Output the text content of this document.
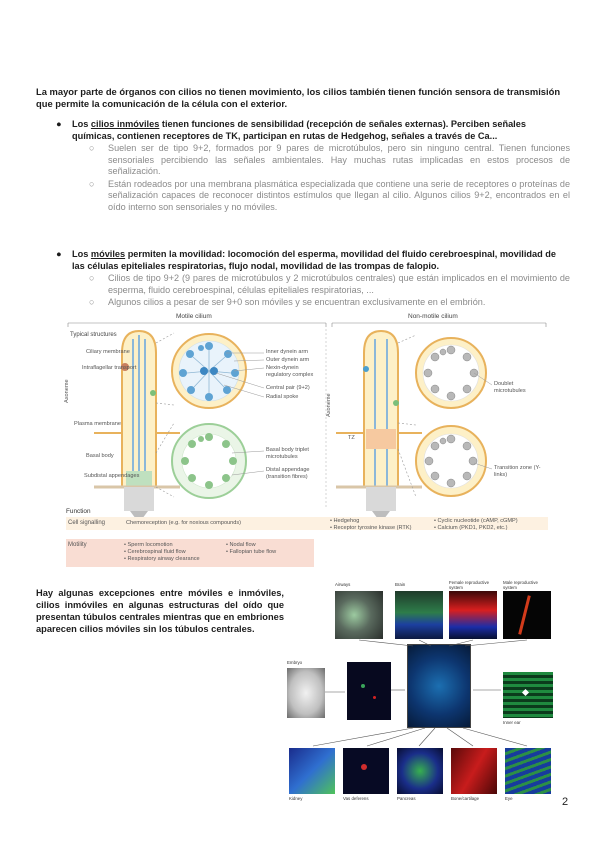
La mayor parte de órganos con cilios no tienen movimiento, los cilios también tienen función sensora de transmisión que permite la comunicación de la célula con el exterior.
● Los cilios inmóviles tienen funciones de sensibilidad (recepción de señales externas). Perciben señales químicas, contienen receptores de TK, participan en rutas de Hedgehog, señales a través de Ca...
○ Suelen ser de tipo 9+2, formados por 9 pares de microtúbulos, pero sin ninguno central. Tienen funciones sensoriales percibiendo las señales ambientales. Hay muchas rutas implicadas en estos procesos de señalización.
○ Están rodeados por una membrana plasmática especializada que contiene una serie de receptores o proteínas de señalización capaces de reconocer distintos estímulos que llegan al cilio. Algunos cilios 9+2, encontrados en el oído interno son sensoriales y no móviles.
● Los móviles permiten la movilidad: locomoción del esperma, movilidad del fluido cerebroespinal, movilidad de las células epiteliales respiratorias, flujo nodal, movilidad de las trompas de falopio.
○ Cilios de tipo 9+2 (9 pares de microtúbulos y 2 microtúbulos centrales) que están implicados en el movimiento de esperma, fluido cerebroespinal, células epiteliales respiratorias, ...
○ Algunos cilios a pesar de ser 9+0 son móviles y se encuentran exclusivamente en el embrión.
Motile cilium	Non-motile cilium
Typical structures
Axoneme
Axoneme
Ciliary membrane
Intraflagellar transport
Plasma membrane
Basal body
Subdistal appendages
Inner dynein arm
Outer dynein arm
Nexin-dynein regulatory complex
Central pair (9+2)
Radial spoke
Basal body triplet microtubules
Distal appendage (transition fibres)
Doublet microtubules
Transition zone (Y-links)
TZ
Function
Cell signalling	Chemoreception (e.g. for noxious compounds)	• Hedgehog
• Receptor tyrosine kinase (RTK)
• Cyclic nucleotide (cAMP, cGMP)
• Calcium (PKD1, PKD2, etc.)
Motility	• Sperm locomotion
• Cerebrospinal fluid flow
• Respiratory airway clearance
• Nodal flow
• Fallopian tube flow
Hay algunas excepciones entre móviles e inmóviles, cilios inmóviles en algunas estructuras del oído que presentan túbulos centrales mientras que en embriones aparecen cilios móviles sin los túbulos centrales.
Airways	Brain	Female reproductive system
Male reproductive system
Embryo
Inner ear
Kidney	Vas deferens	Pancreas	Bone/cartilage	Eye	2
